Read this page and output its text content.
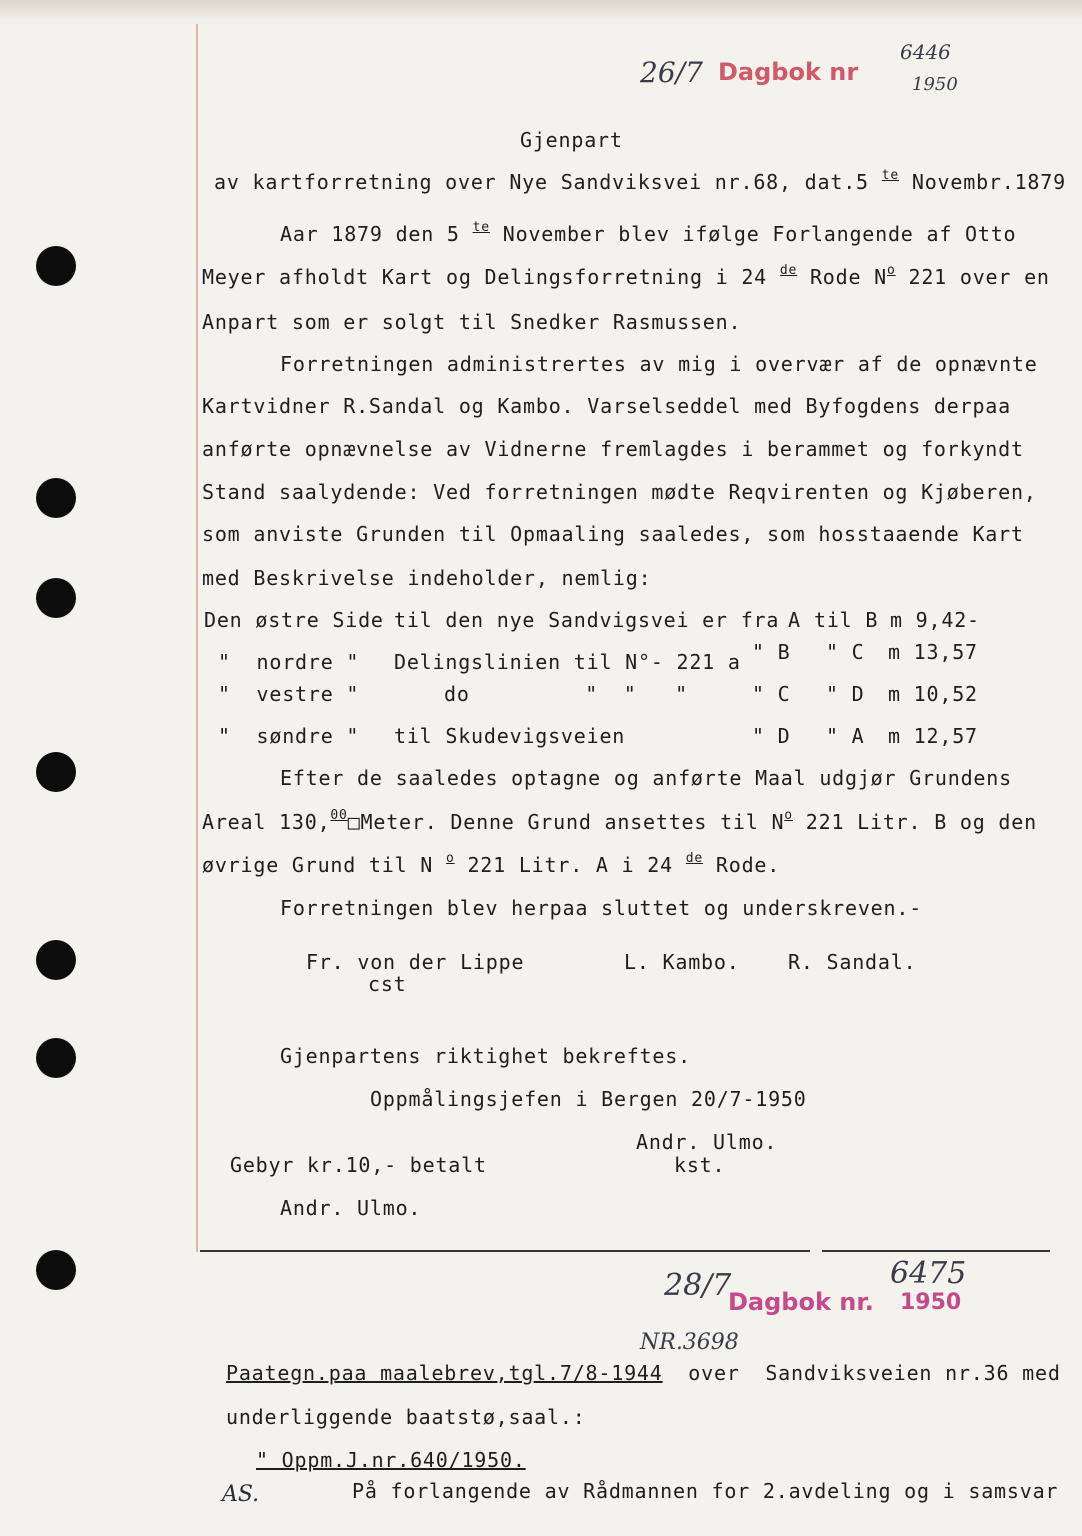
26/7 Dagbok nr
6446
1950
Gjenpart
av kartforretning over Nye Sandviksvei nr.68, dat.5 $^{te}$ Novembr.1879
Aar 1879 den 5 $^{te}$ November blev ifølge Forlangende af Otto
Meyer afholdt Kart og Delingsforretning i 24 $^{de}$ Rode $N^o$ 221 over en
Anpart som er solgt til Snedker Rasmussen.
Forretningen administrertes av mig i overvær af de opnævnte
Kartvidner R.Sandal og Kambo. Varselseddel med Byfogdens derpaa
anførte opnævnelse av Vidnerne fremlagdes i berammet og forkyndt
Stand saalydende: Ved forretningen mødte Reqvirenten og Kjøberen,
som anviste Grunden til Opmaaling saaledes, som hosstaaende Kart
med Beskrivelse indeholder, nemlig:
Den østre Side til den nye Sandvigsvei er fra A til B m 9,42-
"  nordre " Delingslinien til N°- 221 a " B " C m 13,57
"  vestre "	do         "  "   "	" C " D m 10,52
"  søndre " til Skudevigsveien	" D " A m 12,57
Efter de saaledes optagne og anførte Maal udgjør Grundens
Areal 130,00□Meter. Denne Grund ansettes til $N^o$ 221 Litr. B og den
øvrige Grund til N $^o$ 221 Litr. A i 24 $^{de}$ Rode.
Forretningen blev herpaa sluttet og underskreven.-
Fr. von der Lippe
cst
L. Kambo. R. Sandal.
Gjenpartens riktighet bekreftes.
Oppmålingsjefen i Bergen 20/7-1950
Andr. Ulmo.
kst.
Gebyr kr.10,- betalt
Andr. Ulmo.
28/7
Dagbok nr.
6475
1950
NR.3698
Paategn.paa maalebrev,tgl.7/8-1944 over  Sandviksveien nr.36 med
underliggende baatstø,saal.:
" Oppm.J.nr.640/1950.
AS.	På forlangende av Rådmannen for 2.avdeling og i samsvar
